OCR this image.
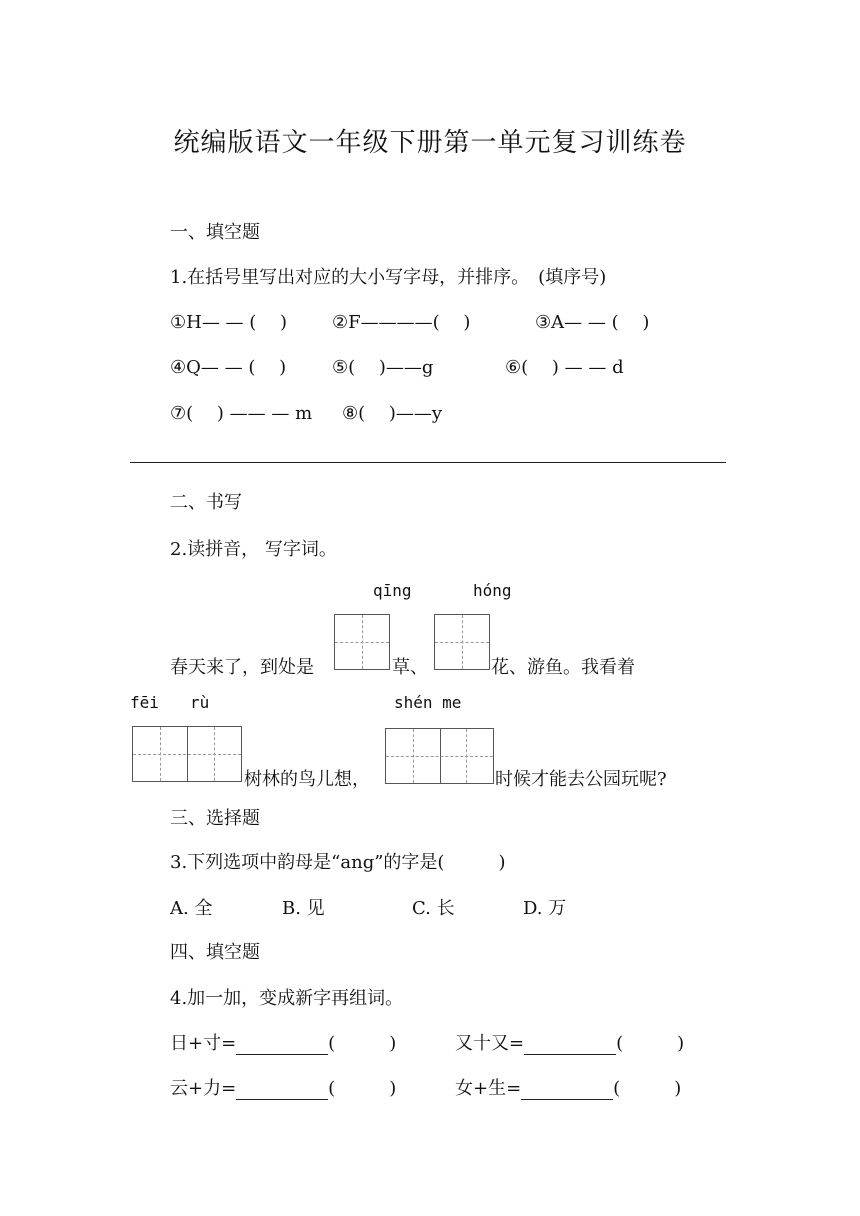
统编版语文一年级下册第一单元复习训练卷
一、填空题
1.在括号里写出对应的大小写字母，并排序。　(填序号)
①H— — (　 ) ②F————(　 )	③A— — (　 )
④Q— — (　 )	⑤(　 )——g	⑥(　 ) — — d
⑦(　 ) —— — m ⑧(　 )——y
二、书写
2.读拼音， 写字词。
qīng	hóng
春天来了，到处是	草、	花、游鱼。我看着
fēi rù	shén me
树林的鸟儿想，	时候才能去公园玩呢?
三、选择题
3.下列选项中韵母是“ang”的字是(　　　)
A. 全	B. 见	C. 长	D. 万
四、填空题
4.加一加，变成新字再组词。
日+寸=	(　　　)	又十又=	(　　　)
云+力=	(　　　)	女+生=	(　　　)
